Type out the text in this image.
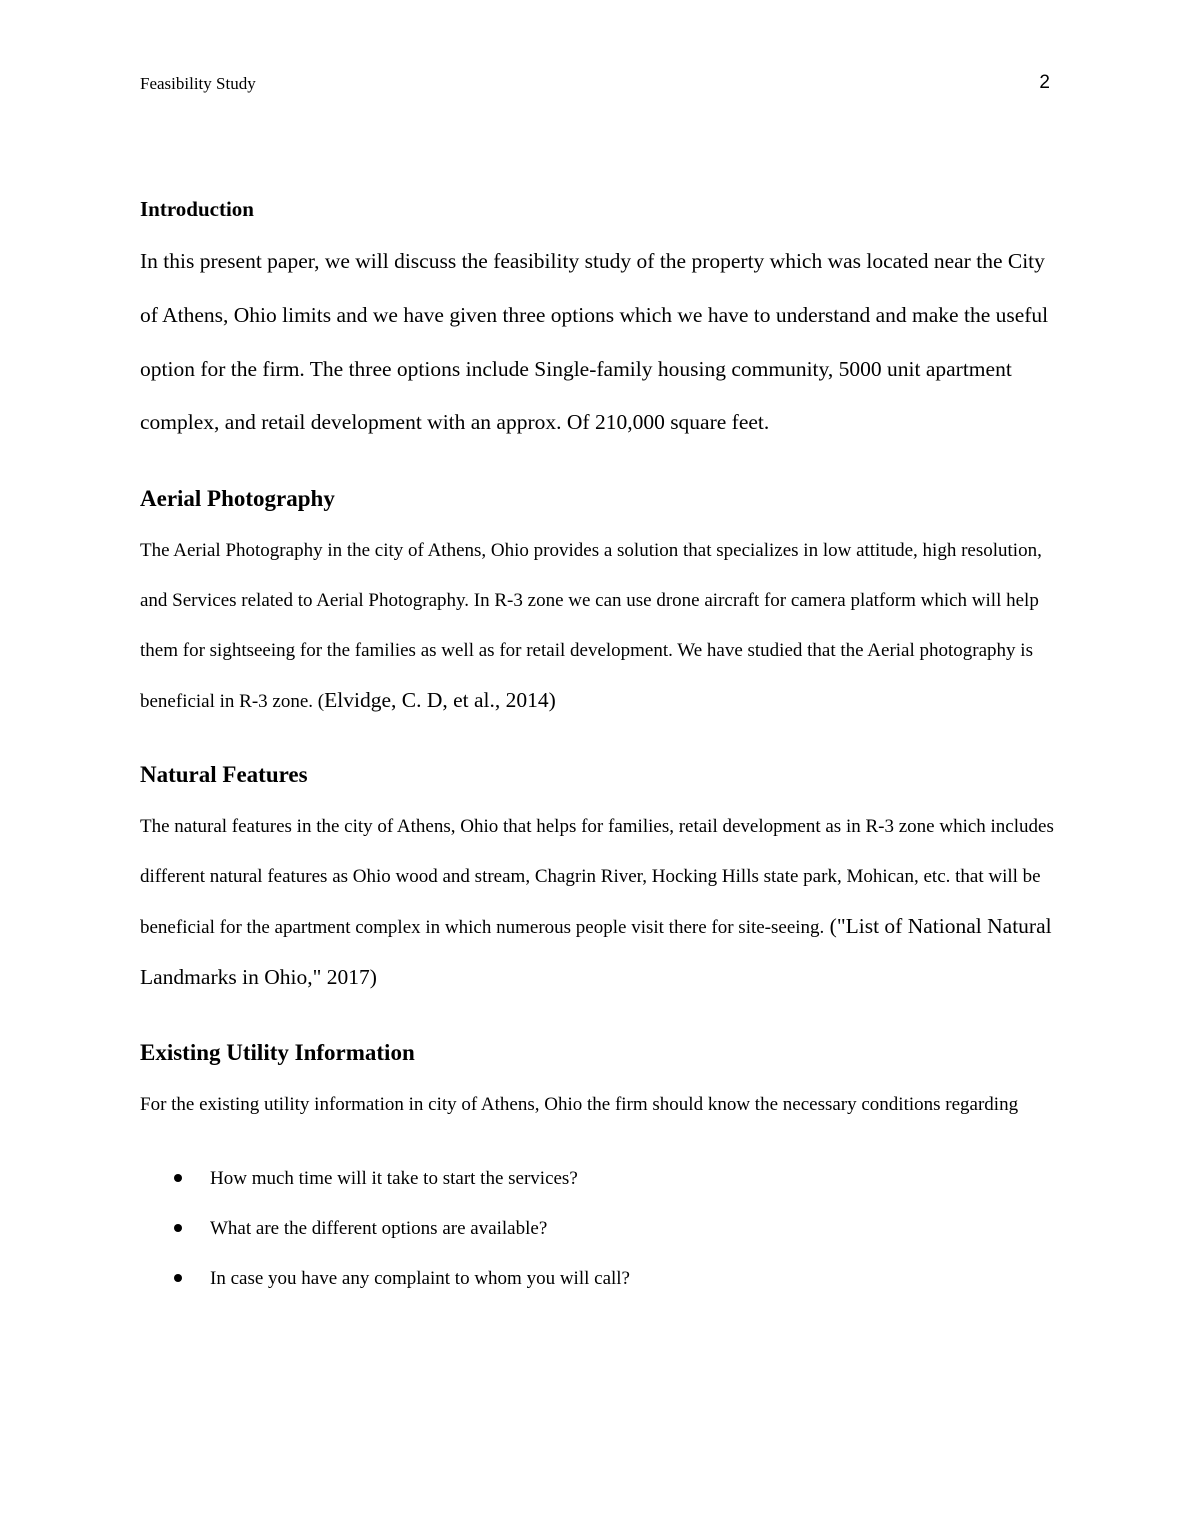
Feasibility Study	2
Introduction

In this present paper, we will discuss the feasibility study of the property which was located near the City of Athens, Ohio limits and we have given three options which we have to understand and make the useful option for the firm. The three options include Single-family housing community, 5000 unit apartment complex, and retail development with an approx. Of 210,000 square feet.

Aerial Photography

The Aerial Photography in the city of Athens, Ohio provides a solution that specializes in low attitude, high resolution, and Services related to Aerial Photography. In R-3 zone we can use drone aircraft for camera platform which will help them for sightseeing for the families as well as for retail development. We have studied that the Aerial photography is beneficial in R-3 zone. (Elvidge, C. D, et al., 2014)

Natural Features

The natural features in the city of Athens, Ohio that helps for families, retail development as in R-3 zone which includes different natural features as Ohio wood and stream, Chagrin River, Hocking Hills state park, Mohican, etc. that will be beneficial for the apartment complex in which numerous people visit there for site-seeing. ("List of National Natural Landmarks in Ohio," 2017)

Existing Utility Information

For the existing utility information in city of Athens, Ohio the firm should know the necessary conditions regarding

How much time will it take to start the services?
What are the different options are available?
In case you have any complaint to whom you will call?
